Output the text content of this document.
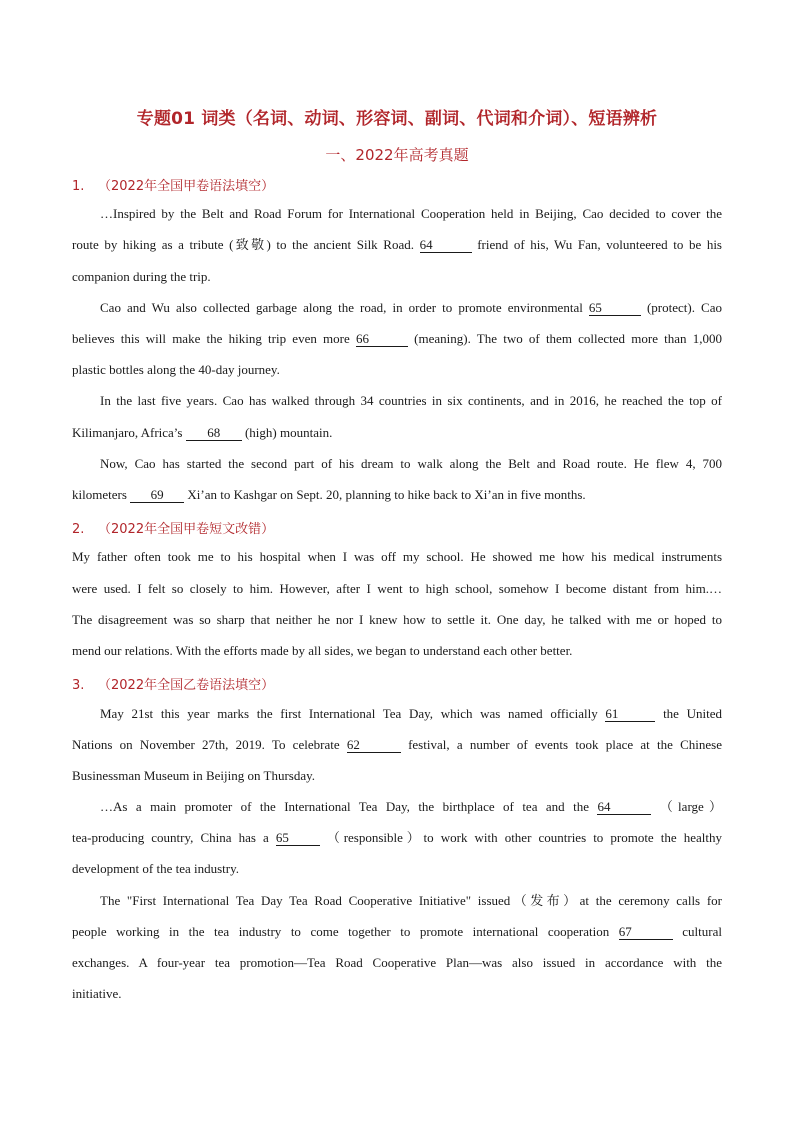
专题01 词类（名词、动词、形容词、副词、代词和介词）、短语辨析
一、2022年高考真题
1. （2022年全国甲卷语法填空）
…Inspired by the Belt and Road Forum for International Cooperation held in Beijing, Cao decided to cover the
route by hiking as a tribute (致敬) to the ancient Silk Road. 64	friend of his, Wu Fan, volunteered to be his
companion during the trip.
Cao and Wu also collected garbage along the road, in order to promote environmental 65	(protect). Cao
believes this will make the hiking trip even more 66	(meaning). The two of them collected more than 1,000
plastic bottles along the 40-day journey.
In the last five years. Cao has walked through 34 countries in six continents, and in 2016, he reached the top of
Kilimanjaro, Africa’s 68 (high) mountain.
Now, Cao has started the second part of his dream to walk along the Belt and Road route. He flew 4, 700
kilometers 69 Xi’an to Kashgar on Sept. 20, planning to hike back to Xi’an in five months.
2. （2022年全国甲卷短文改错）
My father often took me to his hospital when I was off my school. He showed me how his medical instruments
were used. I felt so closely to him. However, after I went to high school, somehow I become distant from him.…
The disagreement was so sharp that neither he nor I knew how to settle it. One day, he talked with me or hoped to
mend our relations. With the efforts made by all sides, we began to understand each other better.
3. （2022年全国乙卷语法填空）
May 21st this year marks the first International Tea Day, which was named officially 61	the United
Nations on November 27th, 2019. To celebrate 62	festival, a number of events took place at the Chinese
Businessman Museum in Beijing on Thursday.
…As a main promoter of the International Tea Day, the birthplace of tea and the 64	（large）
tea-producing country, China has a 65 （responsible）to work with other countries to promote the healthy
development of the tea industry.
The "First International Tea Day Tea Road Cooperative Initiative" issued（发布）at the ceremony calls for
people working in the tea industry to come together to promote international cooperation 67	cultural
exchanges. A four-year tea promotion—Tea Road Cooperative Plan—was also issued in accordance with the
initiative.
